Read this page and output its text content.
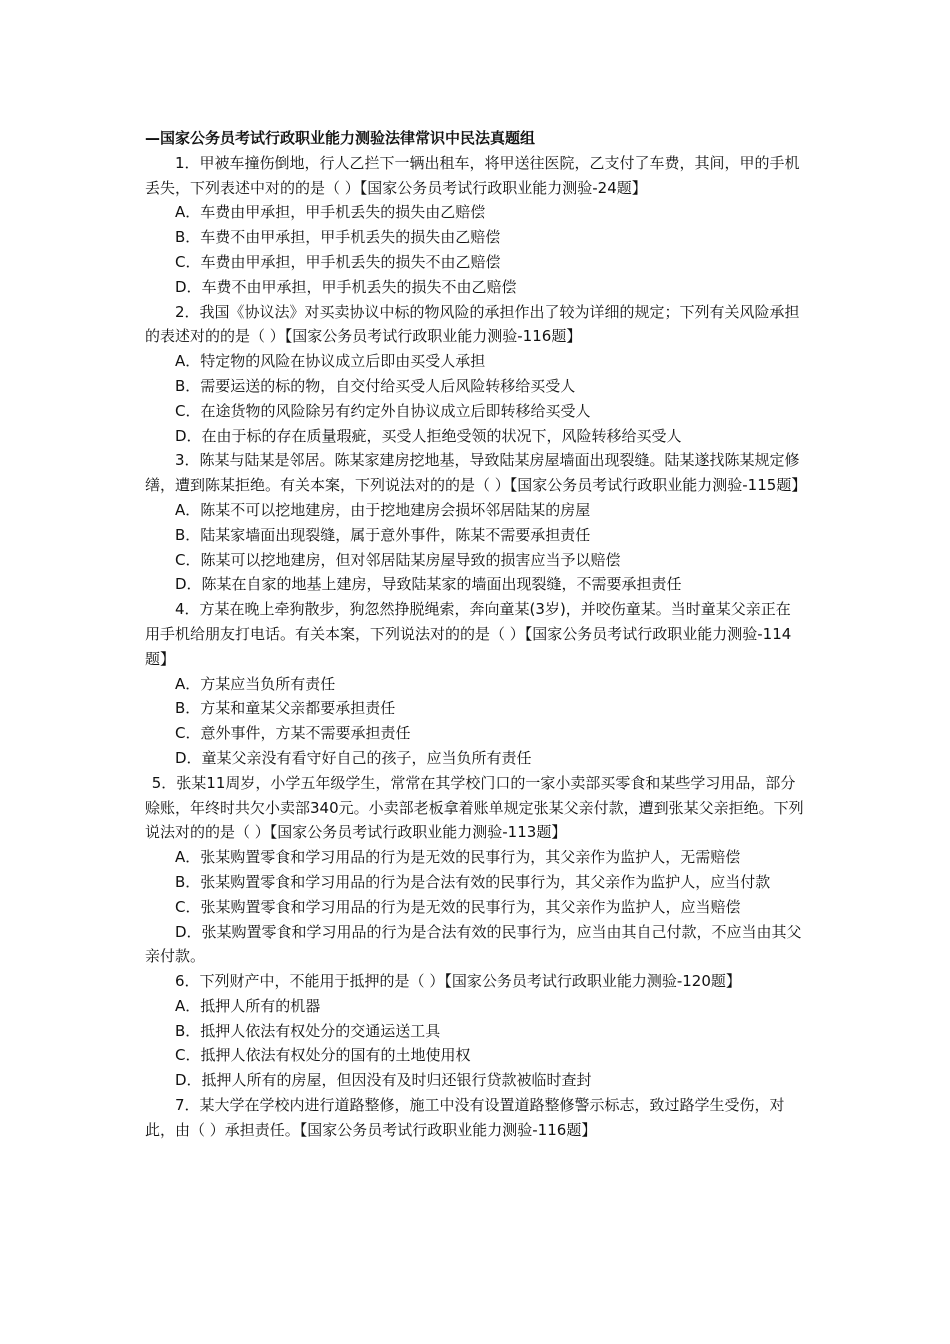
—国家公务员考试行政职业能力测验法律常识中民法真题组

1．甲被车撞伤倒地，行人乙拦下一辆出租车，将甲送往医院，乙支付了车费，其间，甲的手机丢失，下列表述中对的的是（ ）【国家公务员考试行政职业能力测验-24题】

A．车费由甲承担，甲手机丢失的损失由乙赔偿

B．车费不由甲承担，甲手机丢失的损失由乙赔偿

C．车费由甲承担，甲手机丢失的损失不由乙赔偿

D．车费不由甲承担，甲手机丢失的损失不由乙赔偿

2．我国《协议法》对买卖协议中标的物风险的承担作出了较为详细的规定；下列有关风险承担的表述对的的是（ ）【国家公务员考试行政职业能力测验-116题】

A．特定物的风险在协议成立后即由买受人承担

B．需要运送的标的物，自交付给买受人后风险转移给买受人

C．在途货物的风险除另有约定外自协议成立后即转移给买受人

D．在由于标的存在质量瑕疵，买受人拒绝受领的状况下，风险转移给买受人

3．陈某与陆某是邻居。陈某家建房挖地基，导致陆某房屋墙面出现裂缝。陆某遂找陈某规定修缮，遭到陈某拒绝。有关本案，下列说法对的的是（ ）【国家公务员考试行政职业能力测验-115题】

A．陈某不可以挖地建房，由于挖地建房会损坏邻居陆某的房屋

B．陆某家墙面出现裂缝，属于意外事件，陈某不需要承担责任

C．陈某可以挖地建房，但对邻居陆某房屋导致的损害应当予以赔偿

D．陈某在自家的地基上建房，导致陆某家的墙面出现裂缝，不需要承担责任

4．方某在晚上牵狗散步，狗忽然挣脱绳索，奔向童某(3岁)，并咬伤童某。当时童某父亲正在用手机给朋友打电话。有关本案，下列说法对的的是（ ）【国家公务员考试行政职业能力测验-114题】

A．方某应当负所有责任

B．方某和童某父亲都要承担责任

C．意外事件，方某不需要承担责任

D．童某父亲没有看守好自己的孩子，应当负所有责任

5．张某11周岁，小学五年级学生，常常在其学校门口的一家小卖部买零食和某些学习用品，部分赊账，年终时共欠小卖部340元。小卖部老板拿着账单规定张某父亲付款，遭到张某父亲拒绝。下列说法对的的是（ ）【国家公务员考试行政职业能力测验-113题】

A．张某购置零食和学习用品的行为是无效的民事行为，其父亲作为监护人，无需赔偿

B．张某购置零食和学习用品的行为是合法有效的民事行为，其父亲作为监护人，应当付款

C．张某购置零食和学习用品的行为是无效的民事行为，其父亲作为监护人，应当赔偿

D．张某购置零食和学习用品的行为是合法有效的民事行为，应当由其自己付款，不应当由其父亲付款。

6．下列财产中，不能用于抵押的是（ ）【国家公务员考试行政职业能力测验-120题】

A．抵押人所有的机器

B．抵押人依法有权处分的交通运送工具

C．抵押人依法有权处分的国有的土地使用权

D．抵押人所有的房屋，但因没有及时归还银行贷款被临时查封

7．某大学在学校内进行道路整修，施工中没有设置道路整修警示标志，致过路学生受伤，对此，由（ ）承担责任。【国家公务员考试行政职业能力测验-116题】
